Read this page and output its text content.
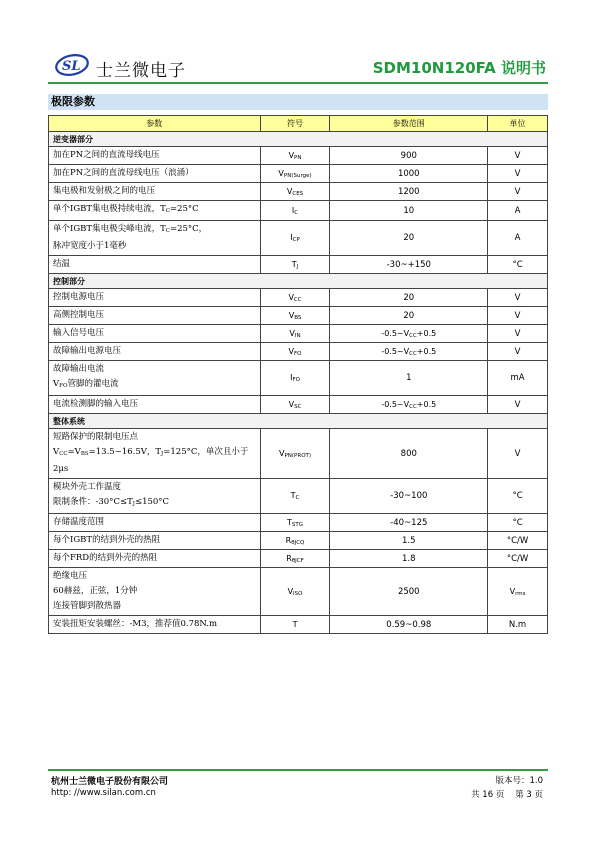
SL 士兰微电子	SDM10N120FA 说明书
极限参数
参数	符号	参数范围	单位
逆变器部分			
加在PN之间的直流母线电压	VPN	900	V
加在PN之间的直流母线电压（浪涌）	VPN(Surge)	1000	V
集电极和发射极之间的电压	VCES	1200	V
单个IGBT集电极持续电流，TC=25°C	IC	10	A
单个IGBT集电极尖峰电流，TC=25°C，
脉冲宽度小于1毫秒	ICP	20	A
结温	TJ	-30~+150	°C
控制部分			
控制电源电压	VCC	20	V
高侧控制电压	VBS	20	V
输入信号电压	VIN	-0.5~VCC+0.5	V
故障输出电源电压	VFO	-0.5~VCC+0.5	V
故障输出电流
VFO管脚的灌电流	IFO	1	mA
电流检测脚的输入电压	VSC	-0.5~VCC+0.5	V
整体系统			
短路保护的限制电压点
VCC=VBS=13.5~16.5V，TJ=125°C，单次且小于2μs	VPN(PROT)	800	V
模块外壳工作温度
限制条件：-30°C≤TJ≤150°C	TC	-30~100	°C
存储温度范围	TSTG	-40~125	°C
每个IGBT的结到外壳的热阻	RθJCQ	1.5	°C/W
每个FRD的结到外壳的热阻	RθJCF	1.8	°C/W
绝缘电压
60赫兹，正弦，1分钟
连接管脚到散热器	VISO	2500	Vrms
安装扭矩安装螺丝：-M3，推荐值0.78N.m	T	0.59~0.98	N.m
杭州士兰微电子股份有限公司
http: //www.silan.com.cn
版本号：1.0
共 16 页 第 3 页
